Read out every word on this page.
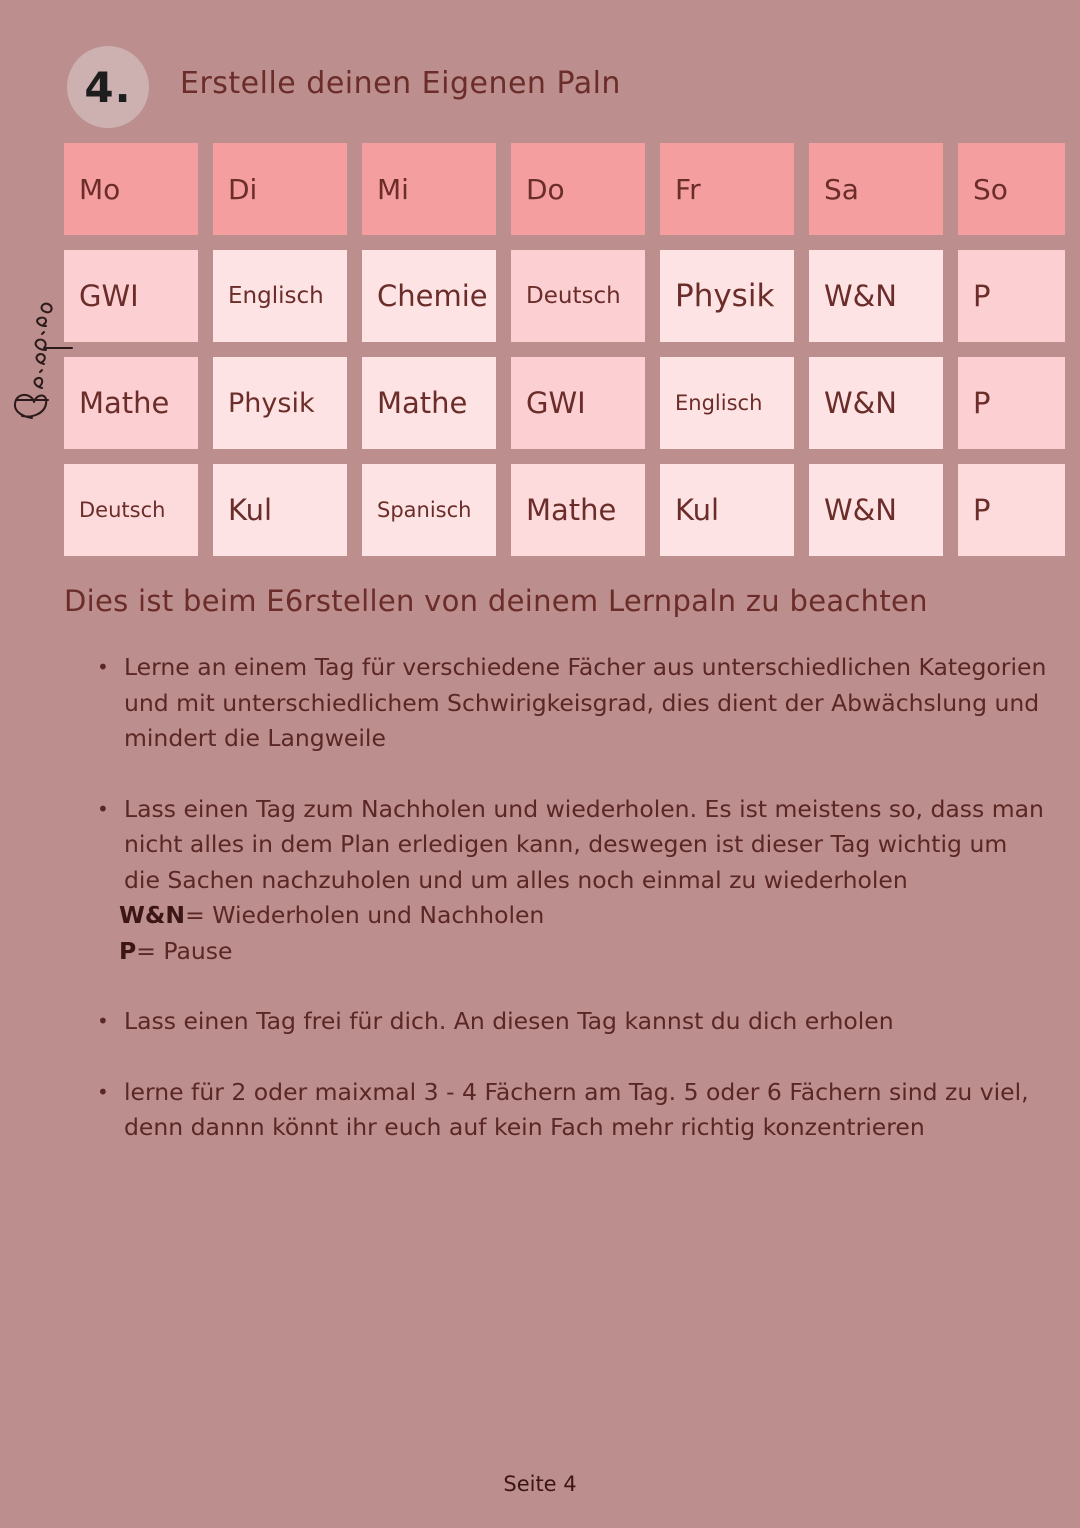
4. Erstelle deinen Eigenen Paln
Mo	Di	Mi	Do	Fr	Sa	So
GWI	Englisch	Chemie	Deutsch	Physik	W&N	P
Mathe	Physik	Mathe	GWI	Englisch	W&N	P
Deutsch	Kul	Spanisch	Mathe	Kul	W&N	P
Dies ist beim E6rstellen von deinem Lernpaln zu beachten
• Lerne an einem Tag für verschiedene Fächer aus unterschiedlichen Kategorien und mit unterschiedlichem Schwirigkeisgrad, dies dient der Abwächslung und mindert die Langweile
• Lass einen Tag zum Nachholen und wiederholen. Es ist meistens so, dass man nicht alles in dem Plan erledigen kann, deswegen ist dieser Tag wichtig um die Sachen nachzuholen und um alles noch einmal zu wiederholen
W&N= Wiederholen und Nachholen
P= Pause
• Lass einen Tag frei für dich. An diesen Tag kannst du dich erholen
• lerne für 2 oder maixmal 3 - 4 Fächern am Tag. 5 oder 6 Fächern sind zu viel, denn dannn könnt ihr euch auf kein Fach mehr richtig konzentrieren
Seite 4
